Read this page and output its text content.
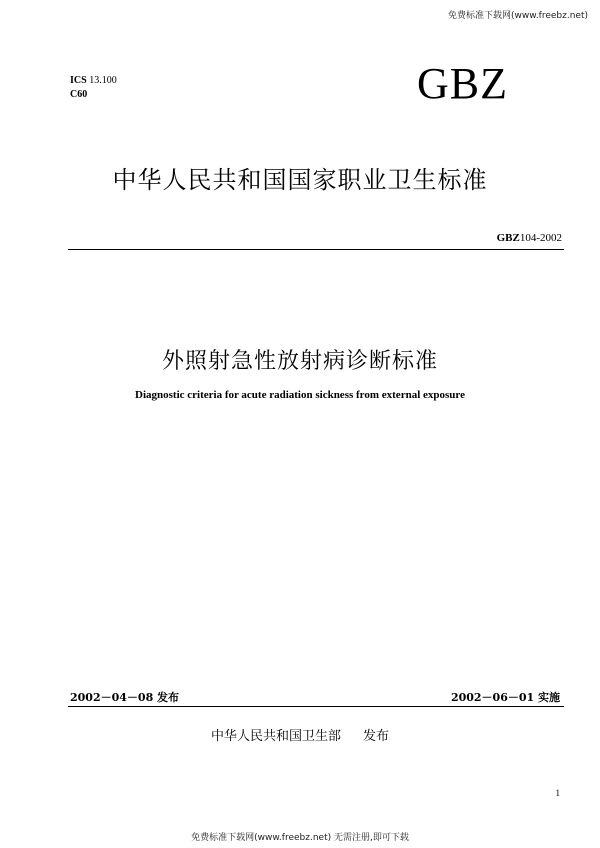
免费标准下载网(www.freebz.net)
ICS 13.100
C60	GBZ
中华人民共和国国家职业卫生标准
GBZ104-2002
外照射急性放射病诊断标准
Diagnostic criteria for acute radiation sickness from external exposure
2002－04－08 发布	2002－06－01 实施
中华人民共和国卫生部 发布
1
免费标准下载网(www.freebz.net) 无需注册,即可下载
